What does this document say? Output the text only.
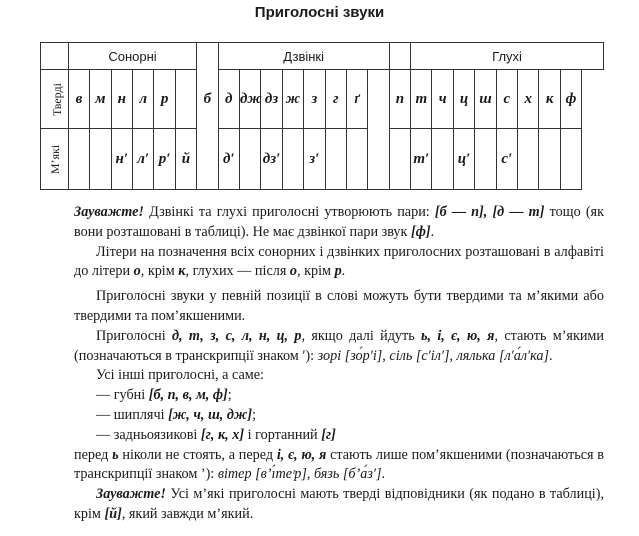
Приголосні звуки
	Сонорні							Дзвінкі									Глухі							
Тверді	в	м	н	л	р		б	д	дж	дз	ж	з	г	ґ		п	т	ч	ц	ш	с	х	к	ф
М’які			н′	л′	р′	й		д′		дз′		з′					т′		ц′		с′			

Зауважте! Дзвінкі та глухі приголосні утворюють пари: [б — п], [д — т] тощо (як вони розташовані в таблиці). Не має дзвінкої пари звук [ф].

Літери на позначення всіх сонорних і дзвінких приголосних розташовані в алфавіті до літери о, крім к, глухих — після о, крім р.

Приголосні звуки у певній позиції в слові можуть бути твердими та м’якими або твердими та пом’якшеними.

Приголосні д, т, з, с, л, н, ц, р, якщо далі йдуть ь, і, є, ю, я, стають м’якими (позначаються в транскрипції знаком ′): зорі [зо́р′і], сіль [с′іл′], лялька [л′а́л′ка].

Усі інші приголосні, а саме:

— губні [б, п, в, м, ф];

— шиплячі [ж, ч, ш, дж];

— задньоязикові [г, к, х] і гортанний [г]

перед ь ніколи не стоять, а перед і, є, ю, я стають лише пом’якшеними (позначаються в транскрипції знаком ’): вітер [в’ı́теᶦр], бязь [б’а́з′].

Зауважте! Усі м’які приголосні мають тверді відповідники (як подано в таблиці), крім [й], який завжди м’який.
